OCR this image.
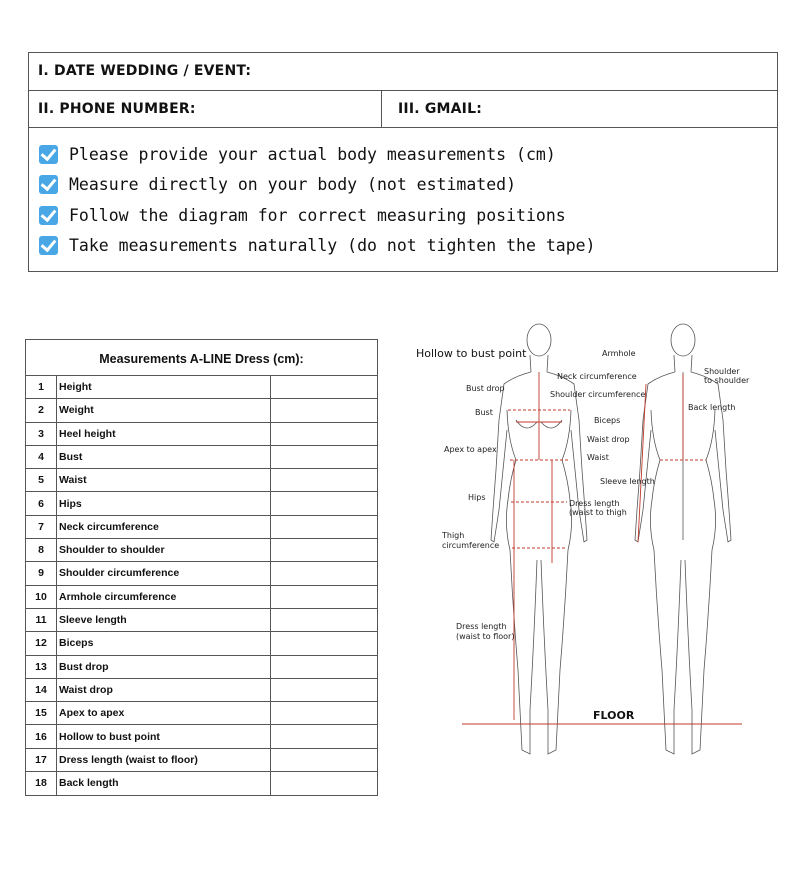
I. DATE WEDDING / EVENT:
II. PHONE NUMBER:	III. GMAIL:
Please provide your actual body measurements (cm)
Measure directly on your body (not estimated)
Follow the diagram for correct measuring positions
Take measurements naturally (do not tighten the tape)
Measurements A-LINE Dress (cm):
1	Height
2	Weight
3	Heel height
4	Bust
5	Waist
6	Hips
7	Neck circumference
8	Shoulder to shoulder
9	Shoulder circumference
10	Armhole circumference
11	Sleeve length
12	Biceps
13	Bust drop
14	Waist drop
15	Apex to apex
16	Hollow to bust point
17	Dress length (waist to floor)
18	Back length
Hollow to bust point	Armhole
Shoulder
to shoulder
Neck circumference
Bust drop
Shoulder circumference
Back length
Bust
Biceps
Waist drop
Apex to apex
Waist
Sleeve length
Hips
Dress length
(waist to thigh
Thigh
circumference
Dress length
(waist to floor)
FLOOR
